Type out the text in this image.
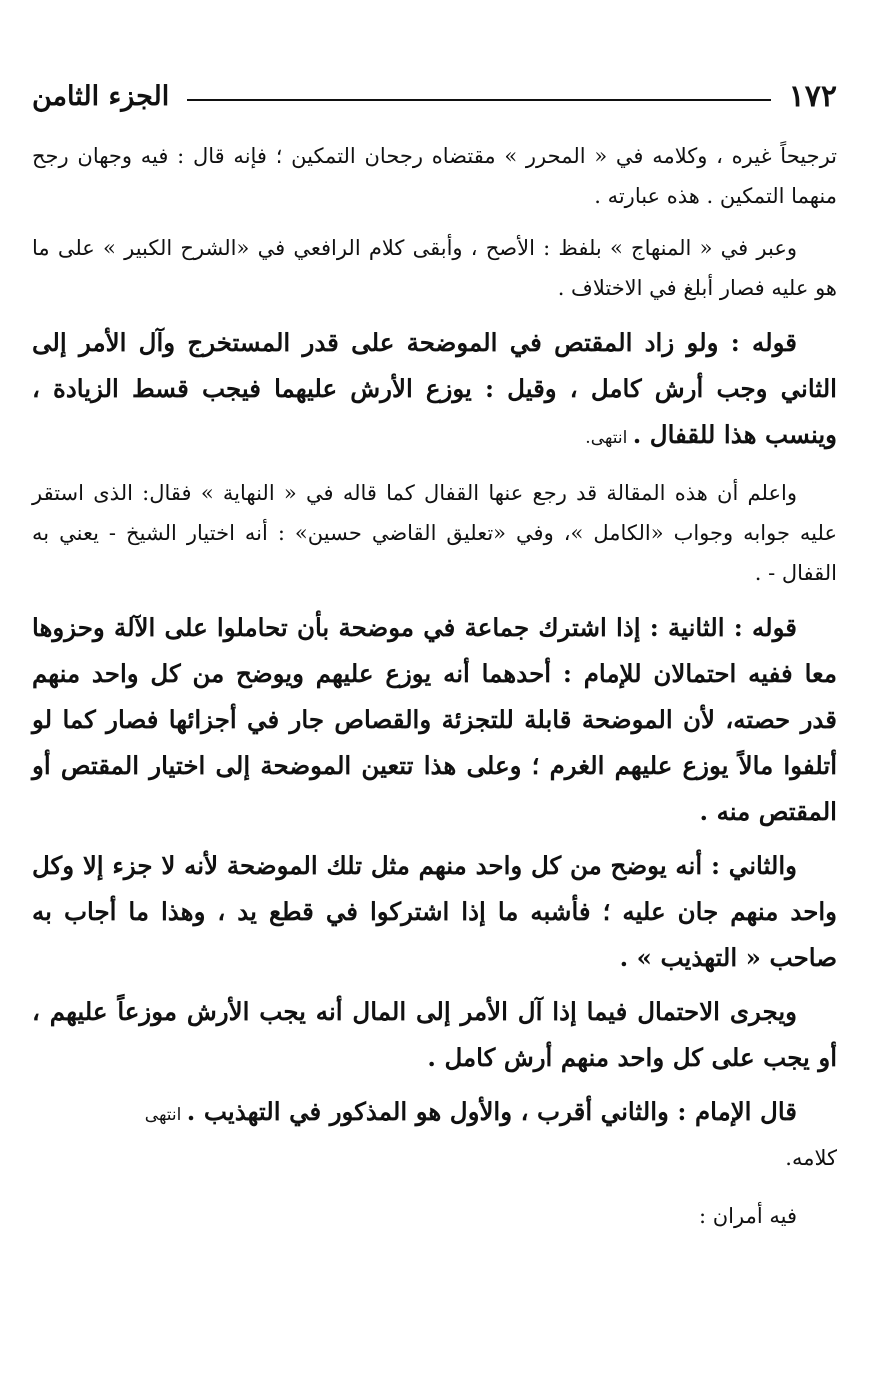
١٧٢
الجزء الثامن

ترجيحاً غيره ، وكلامه في « المحرر » مقتضاه رجحان التمكين ؛ فإنه قال : فيه وجهان رجح منهما التمكين . هذه عبارته .

وعبر في « المنهاج » بلفظ : الأصح ، وأبقى كلام الرافعي في «الشرح الكبير » على ما هو عليه فصار أبلغ في الاختلاف .

قوله : ولو زاد المقتص في الموضحة على قدر المستخرج وآل الأمر إلى الثاني وجب أرش كامل ، وقيل : يوزع الأرش عليهما فيجب قسط الزيادة ، وينسب هذا للقفال . انتهى.

واعلم أن هذه المقالة قد رجع عنها القفال كما قاله في « النهاية » فقال: الذى استقر عليه جوابه وجواب «الكامل »، وفي «تعليق القاضي حسين» : أنه اختيار الشيخ - يعني به القفال - .

قوله : الثانية : إذا اشترك جماعة في موضحة بأن تحاملوا على الآلة وحزوها معا ففيه احتمالان للإمام : أحدهما أنه يوزع عليهم ويوضح من كل واحد منهم قدر حصته، لأن الموضحة قابلة للتجزئة والقصاص جار في أجزائها فصار كما لو أتلفوا مالاً يوزع عليهم الغرم ؛ وعلى هذا تتعين الموضحة إلى اختيار المقتص أو المقتص منه .

والثاني : أنه يوضح من كل واحد منهم مثل تلك الموضحة لأنه لا جزء إلا وكل واحد منهم جان عليه ؛ فأشبه ما إذا اشتركوا في قطع يد ، وهذا ما أجاب به صاحب « التهذيب » .

ويجرى الاحتمال فيما إذا آل الأمر إلى المال أنه يجب الأرش موزعاً عليهم ، أو يجب على كل واحد منهم أرش كامل .

قال الإمام : والثاني أقرب ، والأول هو المذكور في التهذيب . انتهى

كلامه.

فيه أمران :
